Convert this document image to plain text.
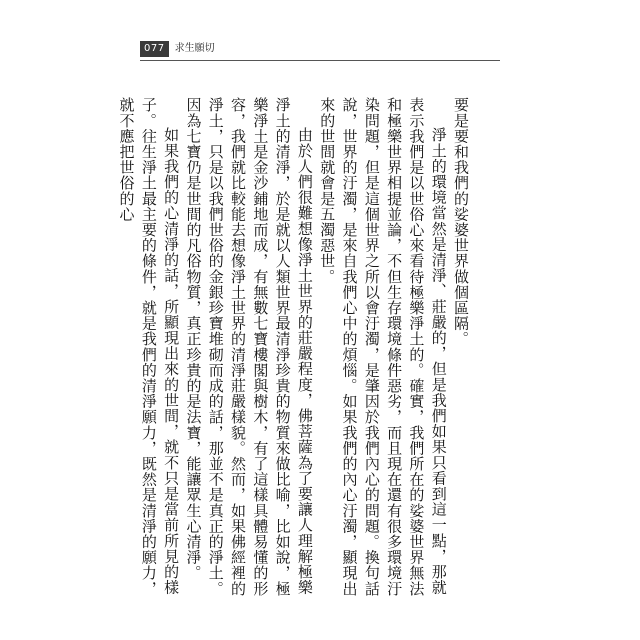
077	求生願切

要是要和我們的娑婆世界做個區隔。

淨土的環境當然是清淨、莊嚴的，但是我們如果只看到這一點，那就表示我們是以世俗心來看待極樂淨土的。確實，我們所在的娑婆世界無法和極樂世界相提並論，不但生存環境條件惡劣，而且現在還有很多環境汙染問題，但是這個世界之所以會汙濁，是肇因於我們內心的問題。換句話說，世界的汙濁，是來自我們心中的煩惱。如果我們的內心汙濁，顯現出來的世間就會是五濁惡世。

由於人們很難想像淨土世界的莊嚴程度，佛菩薩為了要讓人理解極樂淨土的清淨，於是就以人類世界最清淨珍貴的物質來做比喻，比如說，極樂淨土是金沙鋪地而成，有無數七寶樓閣與樹木，有了這樣具體易懂的形容，我們就比較能去想像淨土世界的清淨莊嚴樣貌。然而，如果佛經裡的淨土，只是以我們世俗的金銀珍寶堆砌而成的話，那並不是真正的淨土。因為七寶仍是世間的凡俗物質，真正珍貴的是法寶，能讓眾生心清淨。

如果我們的心清淨的話，所顯現出來的世間，就不只是當前所見的樣子。往生淨土最主要的條件，就是我們的清淨願力，既然是清淨的願力，就不應把世俗的心
